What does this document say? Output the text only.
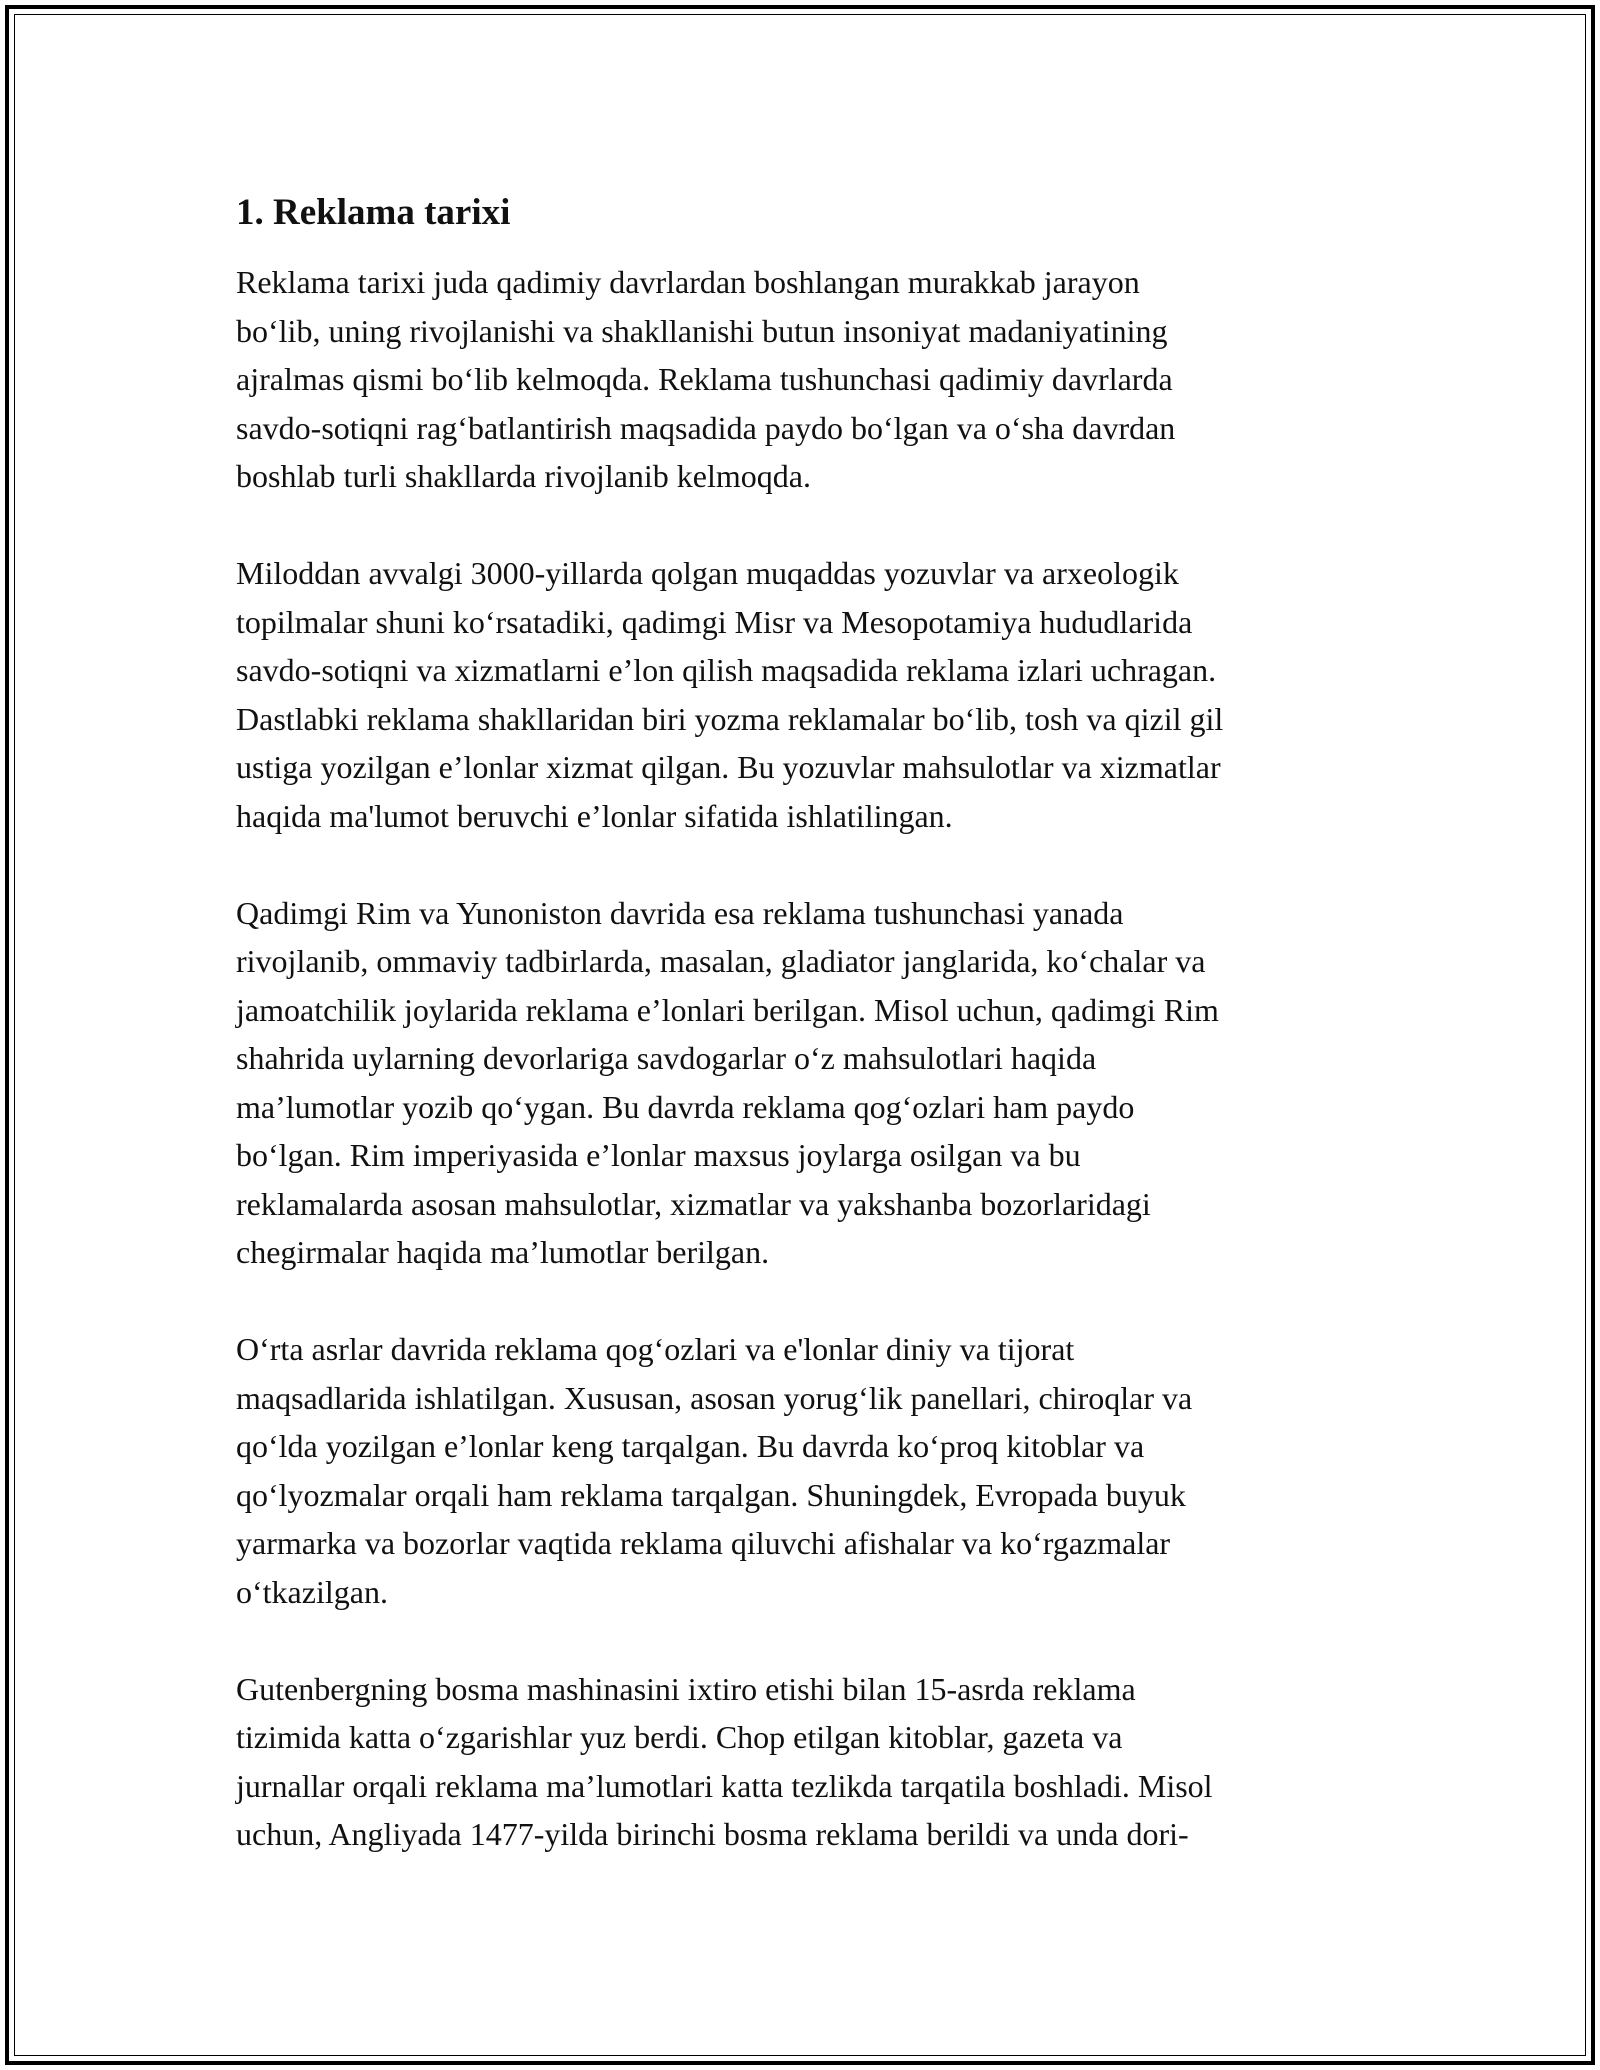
1. Reklama tarixi
Reklama tarixi juda qadimiy davrlardan boshlangan murakkab jarayon
bo‘lib, uning rivojlanishi va shakllanishi butun insoniyat madaniyatining
ajralmas qismi bo‘lib kelmoqda. Reklama tushunchasi qadimiy davrlarda
savdo-sotiqni rag‘batlantirish maqsadida paydo bo‘lgan va o‘sha davrdan
boshlab turli shakllarda rivojlanib kelmoqda.
Miloddan avvalgi 3000-yillarda qolgan muqaddas yozuvlar va arxeologik
topilmalar shuni ko‘rsatadiki, qadimgi Misr va Mesopotamiya hududlarida
savdo-sotiqni va xizmatlarni e’lon qilish maqsadida reklama izlari uchragan.
Dastlabki reklama shakllaridan biri yozma reklamalar bo‘lib, tosh va qizil gil
ustiga yozilgan e’lonlar xizmat qilgan. Bu yozuvlar mahsulotlar va xizmatlar
haqida ma'lumot beruvchi e’lonlar sifatida ishlatilingan.
Qadimgi Rim va Yunoniston davrida esa reklama tushunchasi yanada
rivojlanib, ommaviy tadbirlarda, masalan, gladiator janglarida, ko‘chalar va
jamoatchilik joylarida reklama e’lonlari berilgan. Misol uchun, qadimgi Rim
shahrida uylarning devorlariga savdogarlar o‘z mahsulotlari haqida
ma’lumotlar yozib qo‘ygan. Bu davrda reklama qog‘ozlari ham paydo
bo‘lgan. Rim imperiyasida e’lonlar maxsus joylarga osilgan va bu
reklamalarda asosan mahsulotlar, xizmatlar va yakshanba bozorlaridagi
chegirmalar haqida ma’lumotlar berilgan.
O‘rta asrlar davrida reklama qog‘ozlari va e'lonlar diniy va tijorat
maqsadlarida ishlatilgan. Xususan, asosan yorug‘lik panellari, chiroqlar va
qo‘lda yozilgan e’lonlar keng tarqalgan. Bu davrda ko‘proq kitoblar va
qo‘lyozmalar orqali ham reklama tarqalgan. Shuningdek, Evropada buyuk
yarmarka va bozorlar vaqtida reklama qiluvchi afishalar va ko‘rgazmalar
o‘tkazilgan.
Gutenbergning bosma mashinasini ixtiro etishi bilan 15-asrda reklama
tizimida katta o‘zgarishlar yuz berdi. Chop etilgan kitoblar, gazeta va
jurnallar orqali reklama ma’lumotlari katta tezlikda tarqatila boshladi. Misol
uchun, Angliyada 1477-yilda birinchi bosma reklama berildi va unda dori-
